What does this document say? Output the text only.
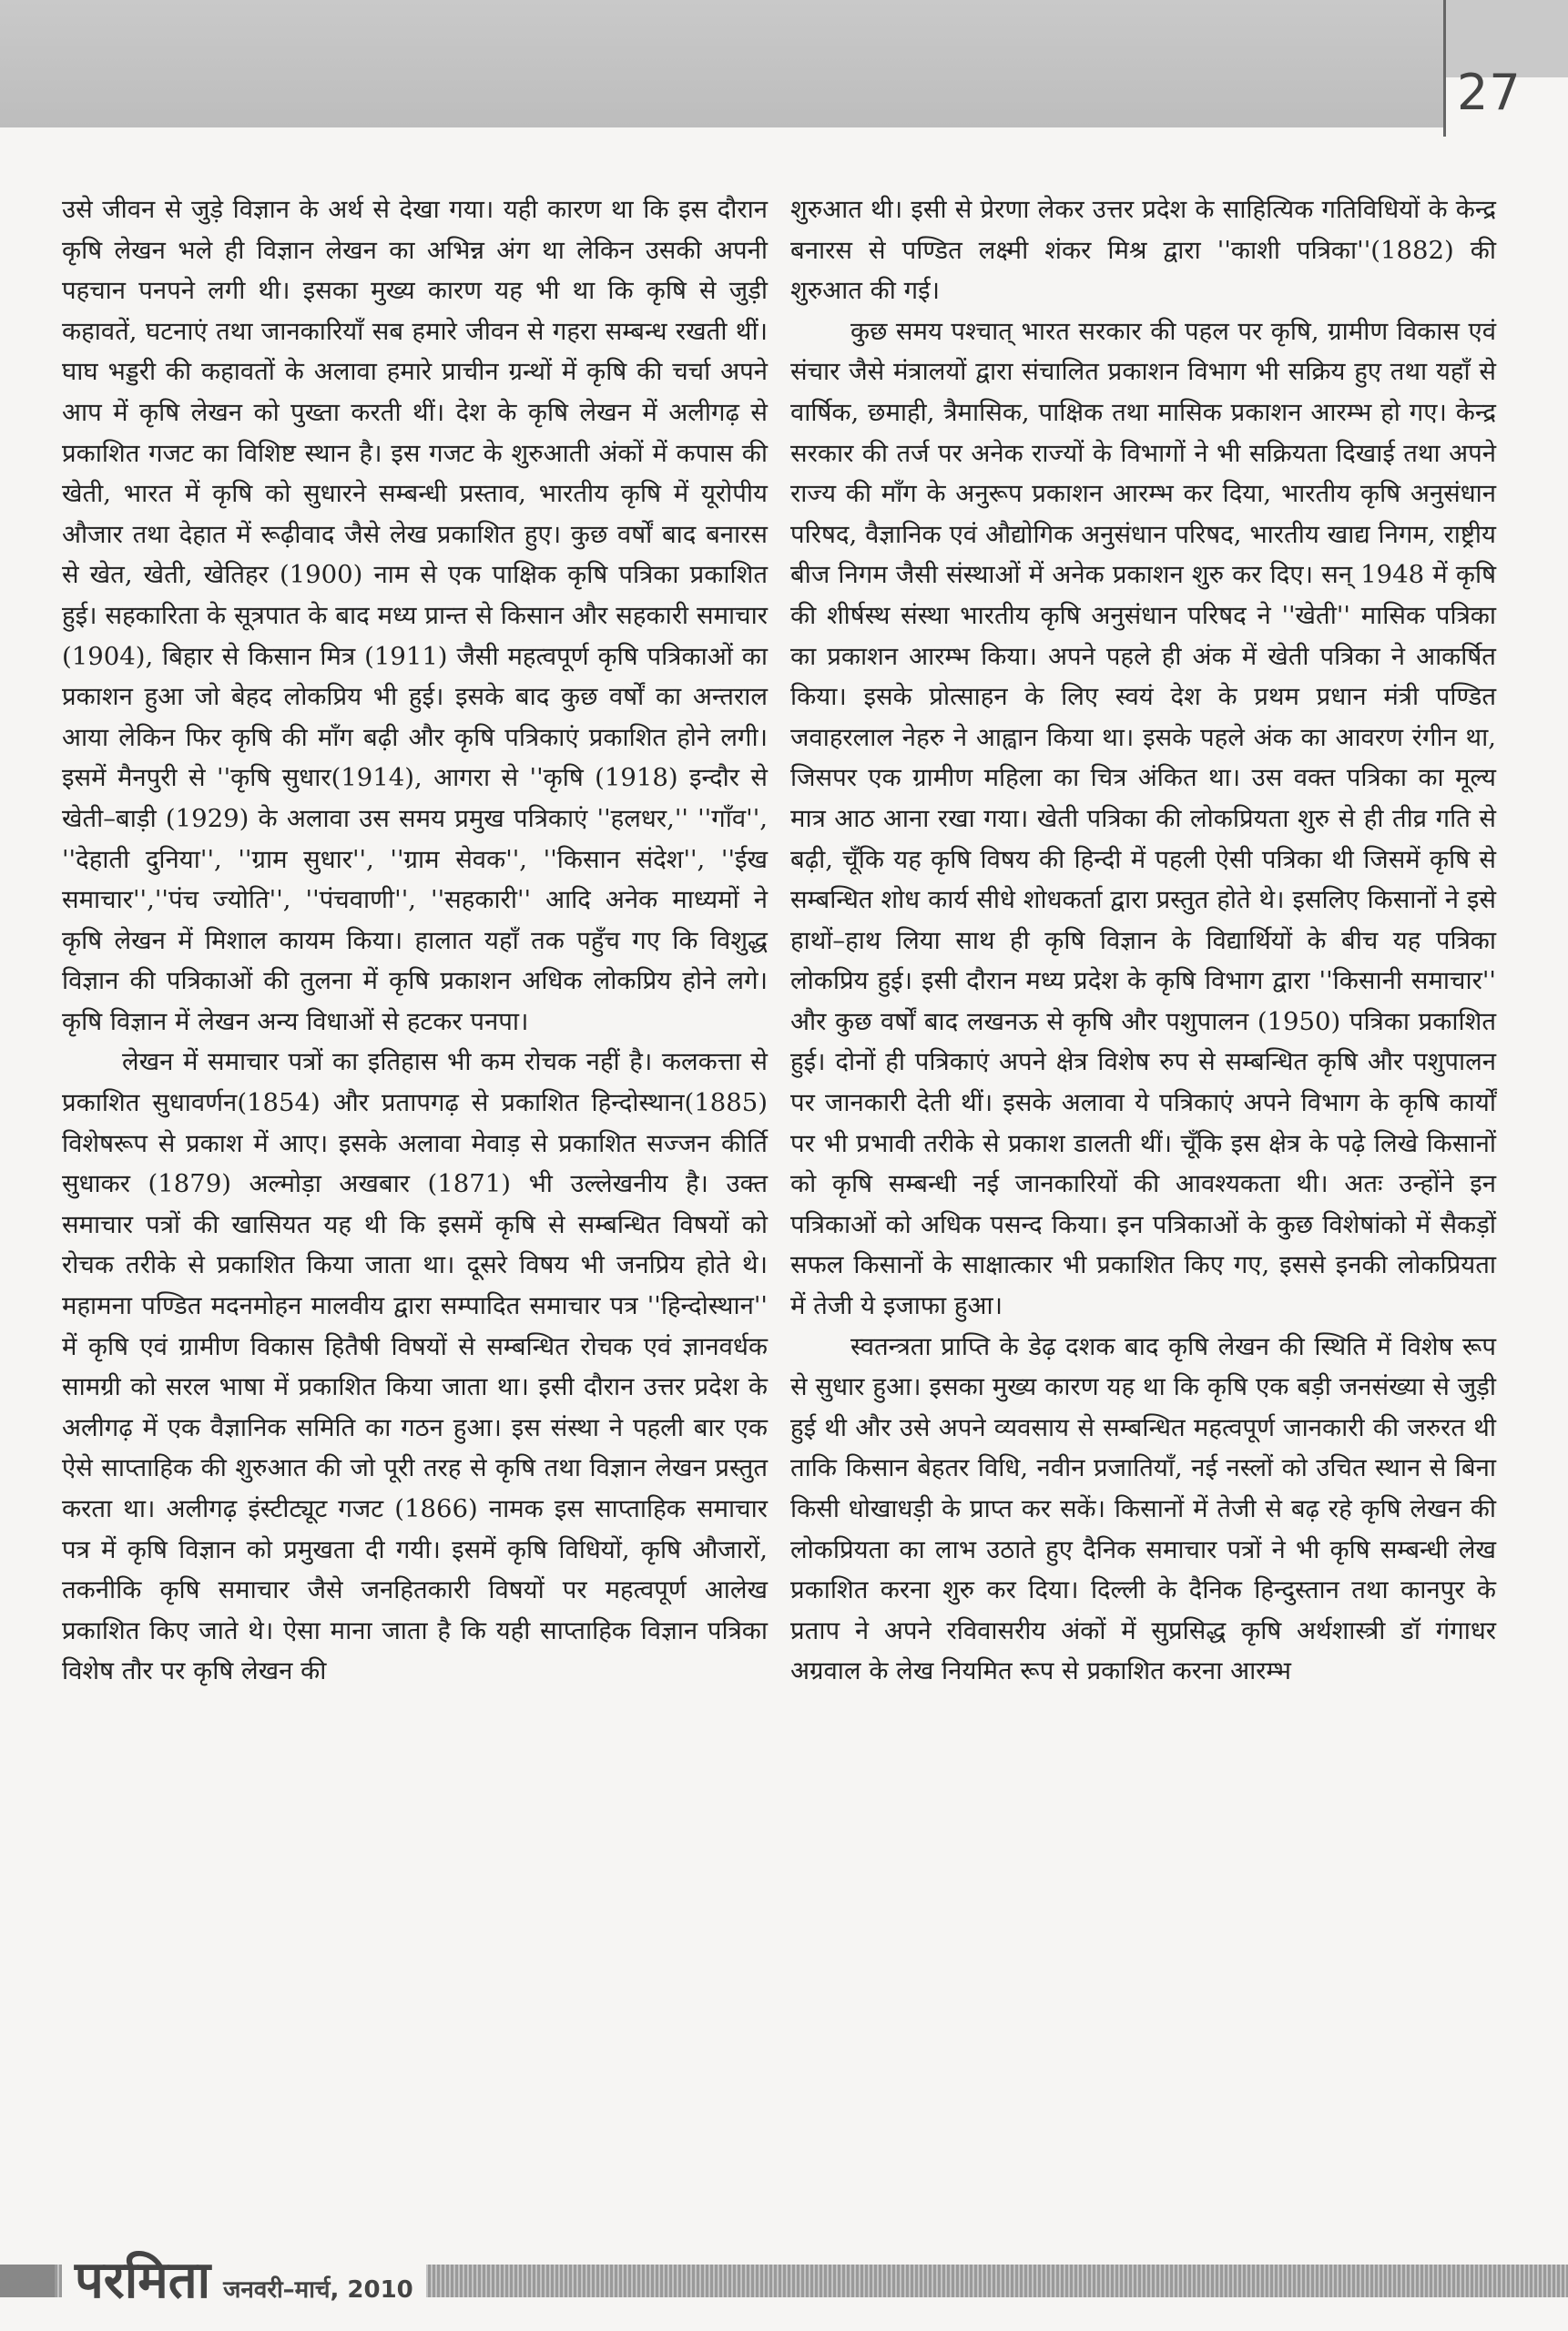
27

उसे जीवन से जुड़े विज्ञान के अर्थ से देखा गया। यही कारण था कि इस दौरान कृषि लेखन भले ही विज्ञान लेखन का अभिन्न अंग था लेकिन उसकी अपनी पहचान पनपने लगी थी। इसका मुख्य कारण यह भी था कि कृषि से जुड़ी कहावतें, घटनाएं तथा जानकारियाँ सब हमारे जीवन से गहरा सम्बन्ध रखती थीं। घाघ भड्डरी की कहावतों के अलावा हमारे प्राचीन ग्रन्थों में कृषि की चर्चा अपने आप में कृषि लेखन को पुख्ता करती थीं। देश के कृषि लेखन में अलीगढ़ से प्रकाशित गजट का विशिष्ट स्थान है। इस गजट के शुरुआती अंकों में कपास की खेती, भारत में कृषि को सुधारने सम्बन्धी प्रस्ताव, भारतीय कृषि में यूरोपीय औजार तथा देहात में रूढ़ीवाद जैसे लेख प्रकाशित हुए। कुछ वर्षों बाद बनारस से खेत, खेती, खेतिहर (1900) नाम से एक पाक्षिक कृषि पत्रिका प्रकाशित हुई। सहकारिता के सूत्रपात के बाद मध्य प्रान्त से किसान और सहकारी समाचार (1904), बिहार से किसान मित्र (1911) जैसी महत्वपूर्ण कृषि पत्रिकाओं का प्रकाशन हुआ जो बेहद लोकप्रिय भी हुई। इसके बाद कुछ वर्षों का अन्तराल आया लेकिन फिर कृषि की माँग बढ़ी और कृषि पत्रिकाएं प्रकाशित होने लगी। इसमें मैनपुरी से ''कृषि सुधार(1914), आगरा से ''कृषि (1918) इन्दौर से खेती–बाड़ी (1929) के अलावा उस समय प्रमुख पत्रिकाएं ''हलधर,'' ''गाँव'', ''देहाती दुनिया'', ''ग्राम सुधार'', ''ग्राम सेवक'', ''किसान संदेश'', ''ईख समाचार'',''पंच ज्योति'', ''पंचवाणी'', ''सहकारी'' आदि अनेक माध्यमों ने कृषि लेखन में मिशाल कायम किया। हालात यहाँ तक पहुँच गए कि विशुद्ध विज्ञान की पत्रिकाओं की तुलना में कृषि प्रकाशन अधिक लोकप्रिय होने लगे। कृषि विज्ञान में लेखन अन्य विधाओं से हटकर पनपा।

लेखन में समाचार पत्रों का इतिहास भी कम रोचक नहीं है। कलकत्ता से प्रकाशित सुधावर्णन(1854) और प्रतापगढ़ से प्रकाशित हिन्दोस्थान(1885) विशेषरूप से प्रकाश में आए। इसके अलावा मेवाड़ से प्रकाशित सज्जन कीर्ति सुधाकर (1879) अल्मोड़ा अखबार (1871) भी उल्लेखनीय है। उक्त समाचार पत्रों की खासियत यह थी कि इसमें कृषि से सम्बन्धित विषयों को रोचक तरीके से प्रकाशित किया जाता था। दूसरे विषय भी जनप्रिय होते थे। महामना पण्डित मदनमोहन मालवीय द्वारा सम्पादित समाचार पत्र ''हिन्दोस्थान'' में कृषि एवं ग्रामीण विकास हितैषी विषयों से सम्बन्धित रोचक एवं ज्ञानवर्धक सामग्री को सरल भाषा में प्रकाशित किया जाता था। इसी दौरान उत्तर प्रदेश के अलीगढ़ में एक वैज्ञानिक समिति का गठन हुआ। इस संस्था ने पहली बार एक ऐसे साप्ताहिक की शुरुआत की जो पूरी तरह से कृषि तथा विज्ञान लेखन प्रस्तुत करता था। अलीगढ़ इंस्टीट्यूट गजट (1866) नामक इस साप्ताहिक समाचार पत्र में कृषि विज्ञान को प्रमुखता दी गयी। इसमें कृषि विधियों, कृषि औजारों, तकनीकि कृषि समाचार जैसे जनहितकारी विषयों पर महत्वपूर्ण आलेख प्रकाशित किए जाते थे। ऐसा माना जाता है कि यही साप्ताहिक विज्ञान पत्रिका विशेष तौर पर कृषि लेखन की

शुरुआत थी। इसी से प्रेरणा लेकर उत्तर प्रदेश के साहित्यिक गतिविधियों के केन्द्र बनारस से पण्डित लक्ष्मी शंकर मिश्र द्वारा ''काशी पत्रिका''(1882) की शुरुआत की गई।

कुछ समय पश्चात् भारत सरकार की पहल पर कृषि, ग्रामीण विकास एवं संचार जैसे मंत्रालयों द्वारा संचालित प्रकाशन विभाग भी सक्रिय हुए तथा यहाँ से वार्षिक, छमाही, त्रैमासिक, पाक्षिक तथा मासिक प्रकाशन आरम्भ हो गए। केन्द्र सरकार की तर्ज पर अनेक राज्यों के विभागों ने भी सक्रियता दिखाई तथा अपने राज्य की माँग के अनुरूप प्रकाशन आरम्भ कर दिया, भारतीय कृषि अनुसंधान परिषद, वैज्ञानिक एवं औद्योगिक अनुसंधान परिषद, भारतीय खाद्य निगम, राष्ट्रीय बीज निगम जैसी संस्थाओं में अनेक प्रकाशन शुरु कर दिए। सन् 1948 में कृषि की शीर्षस्थ संस्था भारतीय कृषि अनुसंधान परिषद ने ''खेती'' मासिक पत्रिका का प्रकाशन आरम्भ किया। अपने पहले ही अंक में खेती पत्रिका ने आकर्षित किया। इसके प्रोत्साहन के लिए स्वयं देश के प्रथम प्रधान मंत्री पण्डित जवाहरलाल नेहरु ने आह्वान किया था। इसके पहले अंक का आवरण रंगीन था, जिसपर एक ग्रामीण महिला का चित्र अंकित था। उस वक्त पत्रिका का मूल्य मात्र आठ आना रखा गया। खेती पत्रिका की लोकप्रियता शुरु से ही तीव्र गति से बढ़ी, चूँकि यह कृषि विषय की हिन्दी में पहली ऐसी पत्रिका थी जिसमें कृषि से सम्बन्धित शोध कार्य सीधे शोधकर्ता द्वारा प्रस्तुत होते थे। इसलिए किसानों ने इसे हाथों–हाथ लिया साथ ही कृषि विज्ञान के विद्यार्थियों के बीच यह पत्रिका लोकप्रिय हुई। इसी दौरान मध्य प्रदेश के कृषि विभाग द्वारा ''किसानी समाचार'' और कुछ वर्षों बाद लखनऊ से कृषि और पशुपालन (1950) पत्रिका प्रकाशित हुई। दोनों ही पत्रिकाएं अपने क्षेत्र विशेष रुप से सम्बन्धित कृषि और पशुपालन पर जानकारी देती थीं। इसके अलावा ये पत्रिकाएं अपने विभाग के कृषि कार्यों पर भी प्रभावी तरीके से प्रकाश डालती थीं। चूँकि इस क्षेत्र के पढ़े लिखे किसानों को कृषि सम्बन्धी नई जानकारियों की आवश्यकता थी। अतः उन्होंने इन पत्रिकाओं को अधिक पसन्द किया। इन पत्रिकाओं के कुछ विशेषांको में सैकड़ों सफल किसानों के साक्षात्कार भी प्रकाशित किए गए, इससे इनकी लोकप्रियता में तेजी ये इजाफा हुआ।

स्वतन्त्रता प्राप्ति के डेढ़ दशक बाद कृषि लेखन की स्थिति में विशेष रूप से सुधार हुआ। इसका मुख्य कारण यह था कि कृषि एक बड़ी जनसंख्या से जुड़ी हुई थी और उसे अपने व्यवसाय से सम्बन्धित महत्वपूर्ण जानकारी की जरुरत थी ताकि किसान बेहतर विधि, नवीन प्रजातियाँ, नई नस्लों को उचित स्थान से बिना किसी धोखाधड़ी के प्राप्त कर सकें। किसानों में तेजी से बढ़ रहे कृषि लेखन की लोकप्रियता का लाभ उठाते हुए दैनिक समाचार पत्रों ने भी कृषि सम्बन्धी लेख प्रकाशित करना शुरु कर दिया। दिल्ली के दैनिक हिन्दुस्तान तथा कानपुर के प्रताप ने अपने रविवासरीय अंकों में सुप्रसिद्ध कृषि अर्थशास्त्री डॉ गंगाधर अग्रवाल के लेख नियमित रूप से प्रकाशित करना आरम्भ

परमिता जनवरी–मार्च, 2010
